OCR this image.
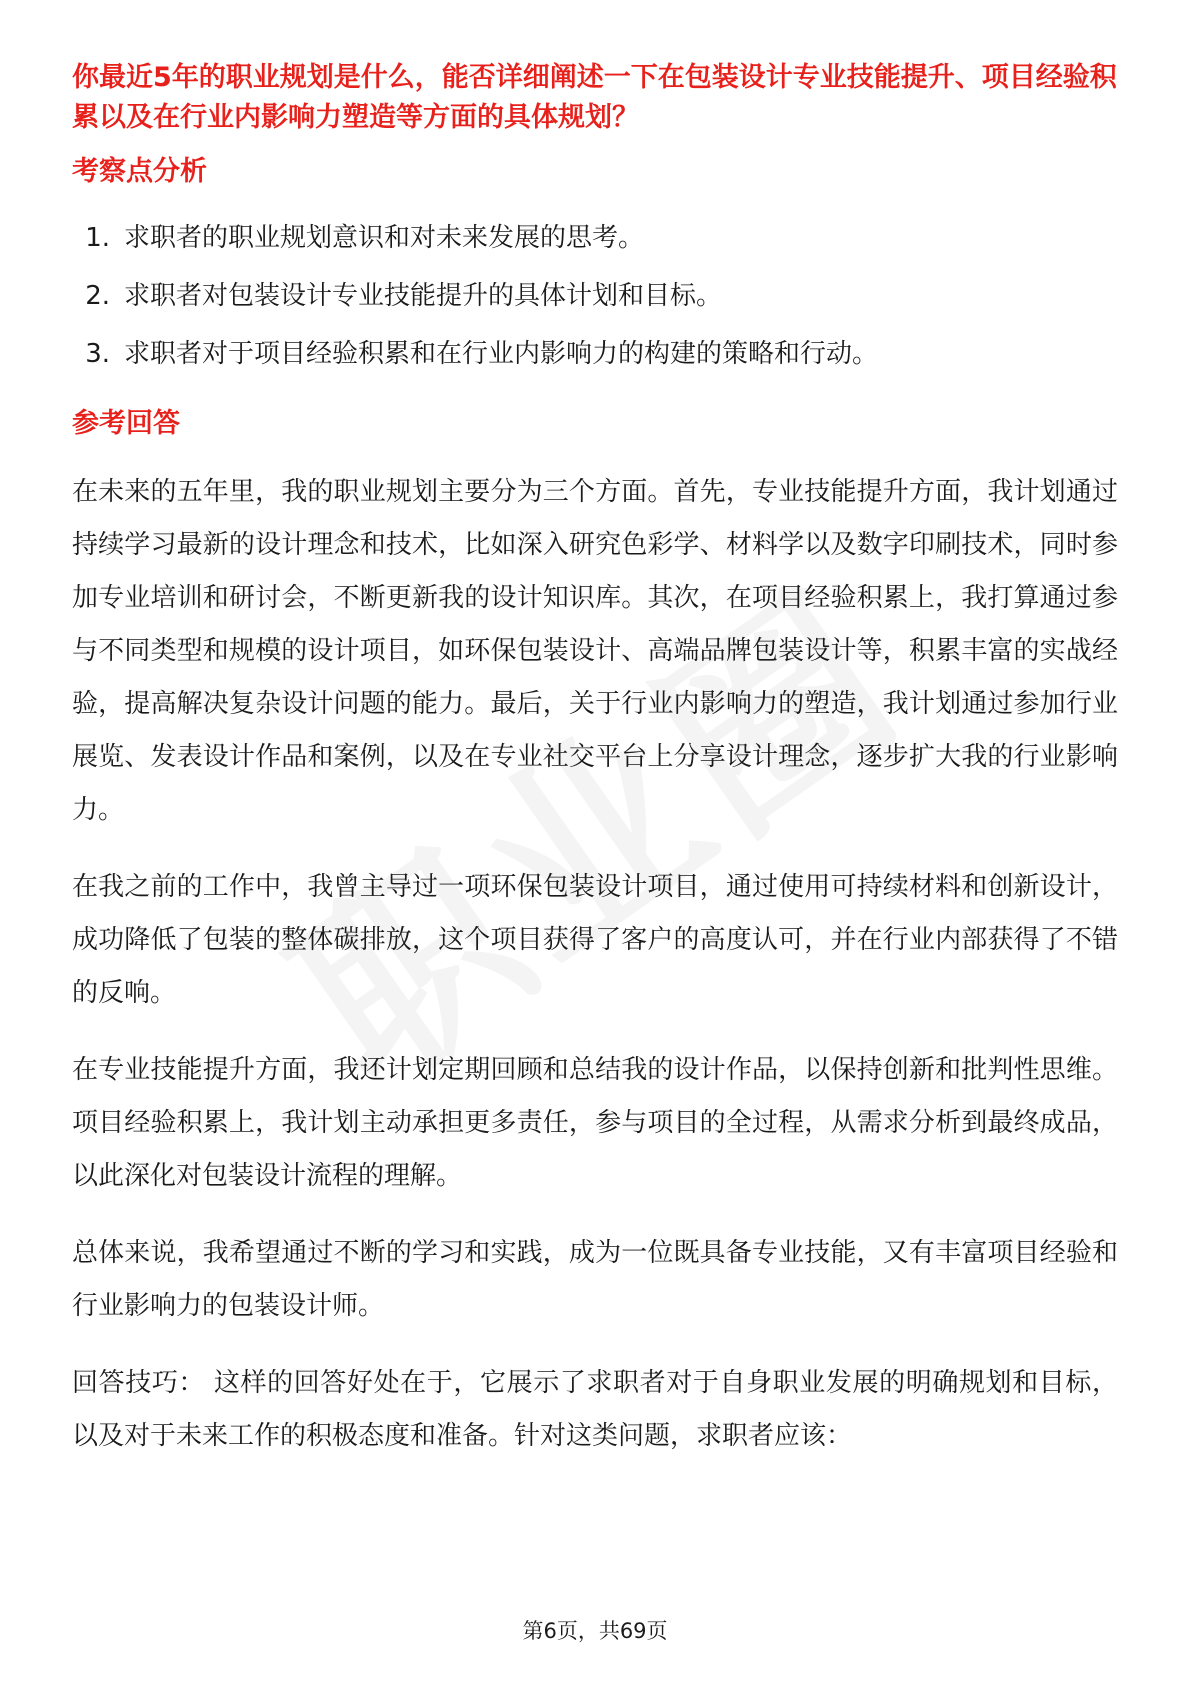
你最近5年的职业规划是什么，能否详细阐述一下在包装设计专业技能提升、项目经验积累以及在行业内影响力塑造等方面的具体规划？

考察点分析
1. 求职者的职业规划意识和对未来发展的思考。
2. 求职者对包装设计专业技能提升的具体计划和目标。
3. 求职者对于项目经验积累和在行业内影响力的构建的策略和行动。
参考回答

在未来的五年里，我的职业规划主要分为三个方面。首先，专业技能提升方面，我计划通过持续学习最新的设计理念和技术，比如深入研究色彩学、材料学以及数字印刷技术，同时参加专业培训和研讨会，不断更新我的设计知识库。其次，在项目经验积累上，我打算通过参与不同类型和规模的设计项目，如环保包装设计、高端品牌包装设计等，积累丰富的实战经验，提高解决复杂设计问题的能力。最后，关于行业内影响力的塑造，我计划通过参加行业展览、发表设计作品和案例，以及在专业社交平台上分享设计理念，逐步扩大我的行业影响力。

在我之前的工作中，我曾主导过一项环保包装设计项目，通过使用可持续材料和创新设计，成功降低了包装的整体碳排放，这个项目获得了客户的高度认可，并在行业内部获得了不错的反响。

在专业技能提升方面，我还计划定期回顾和总结我的设计作品，以保持创新和批判性思维。项目经验积累上，我计划主动承担更多责任，参与项目的全过程，从需求分析到最终成品，以此深化对包装设计流程的理解。

总体来说，我希望通过不断的学习和实践，成为一位既具备专业技能，又有丰富项目经验和行业影响力的包装设计师。

回答技巧： 这样的回答好处在于，它展示了求职者对于自身职业发展的明确规划和目标，以及对于未来工作的积极态度和准备。针对这类问题，求职者应该：

第6页，共69页
